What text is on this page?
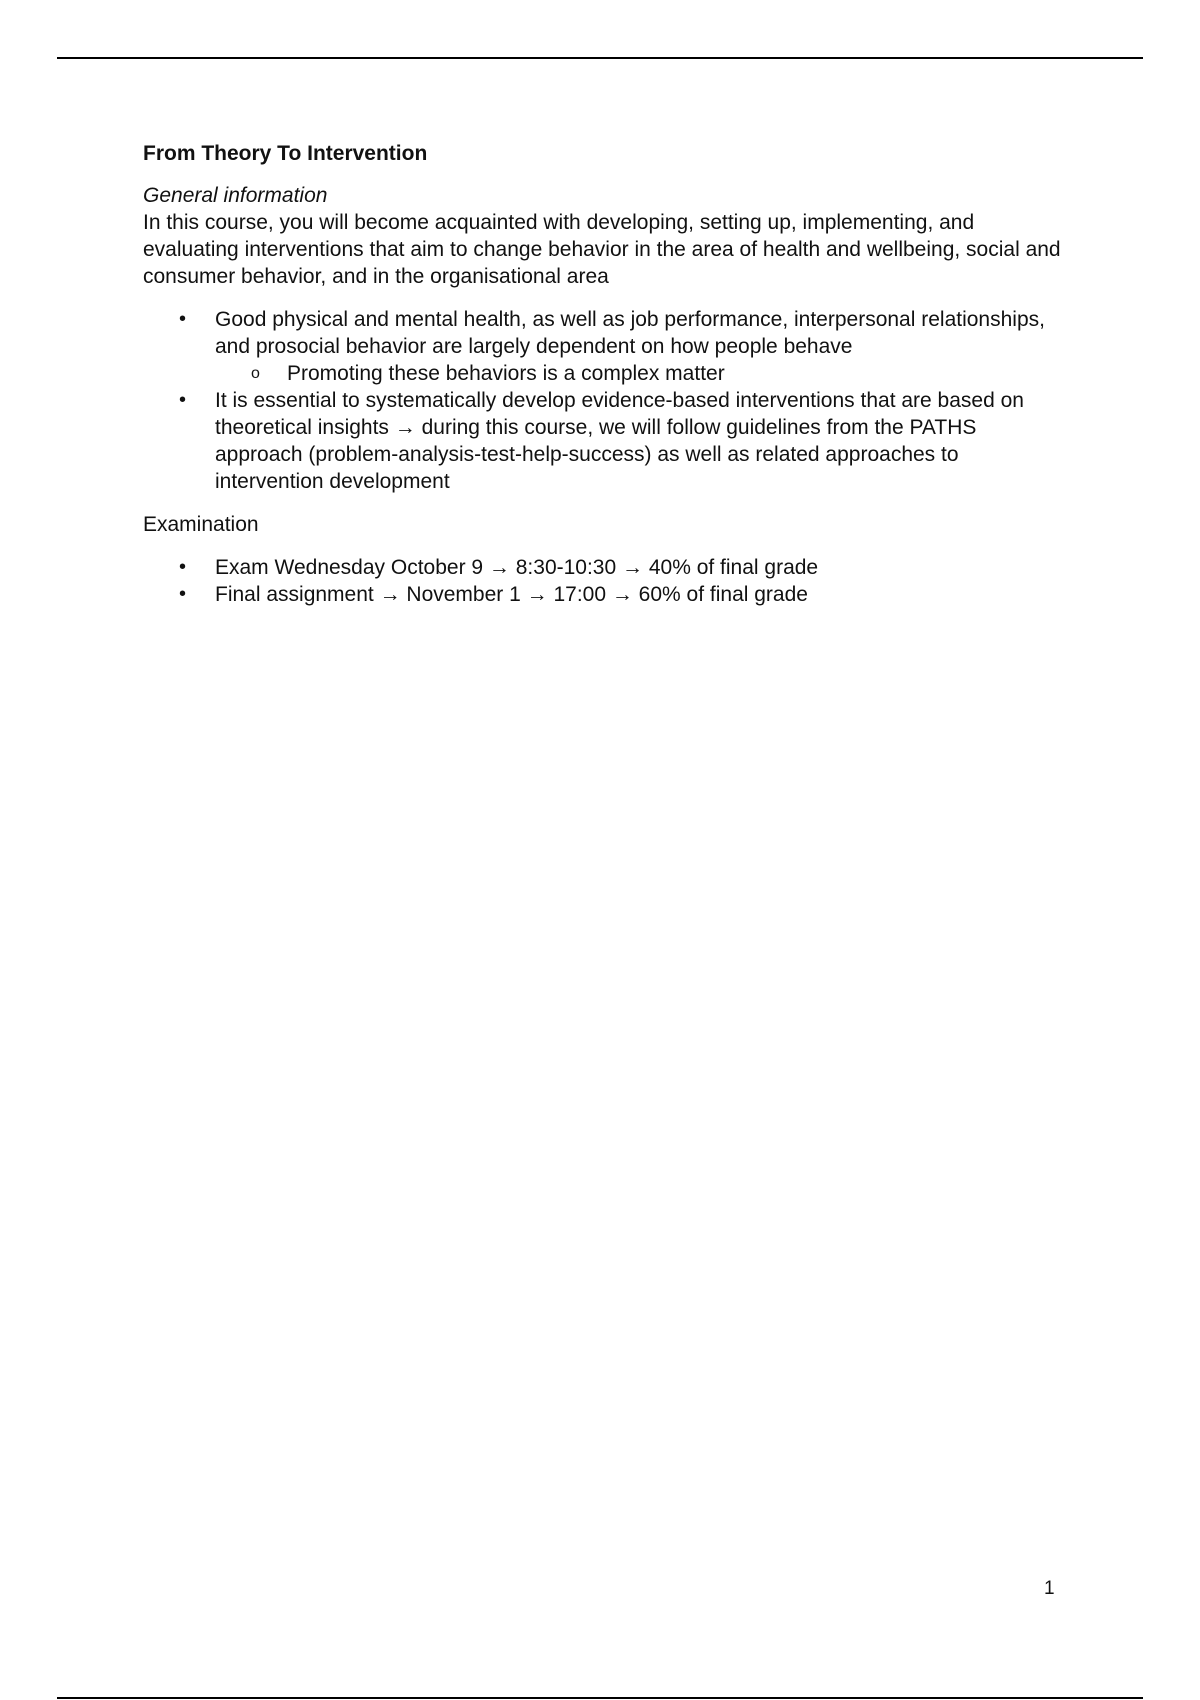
From Theory To Intervention
General information
In this course, you will become acquainted with developing, setting up, implementing, and evaluating interventions that aim to change behavior in the area of health and wellbeing, social and consumer behavior, and in the organisational area
• Good physical and mental health, as well as job performance, interpersonal relationships, and prosocial behavior are largely dependent on how people behave
o Promoting these behaviors is a complex matter
• It is essential to systematically develop evidence-based interventions that are based on theoretical insights → during this course, we will follow guidelines from the PATHS approach (problem-analysis-test-help-success) as well as related approaches to intervention development
Examination
• Exam Wednesday October 9 → 8:30-10:30 → 40% of final grade
• Final assignment → November 1 → 17:00 → 60% of final grade
1
